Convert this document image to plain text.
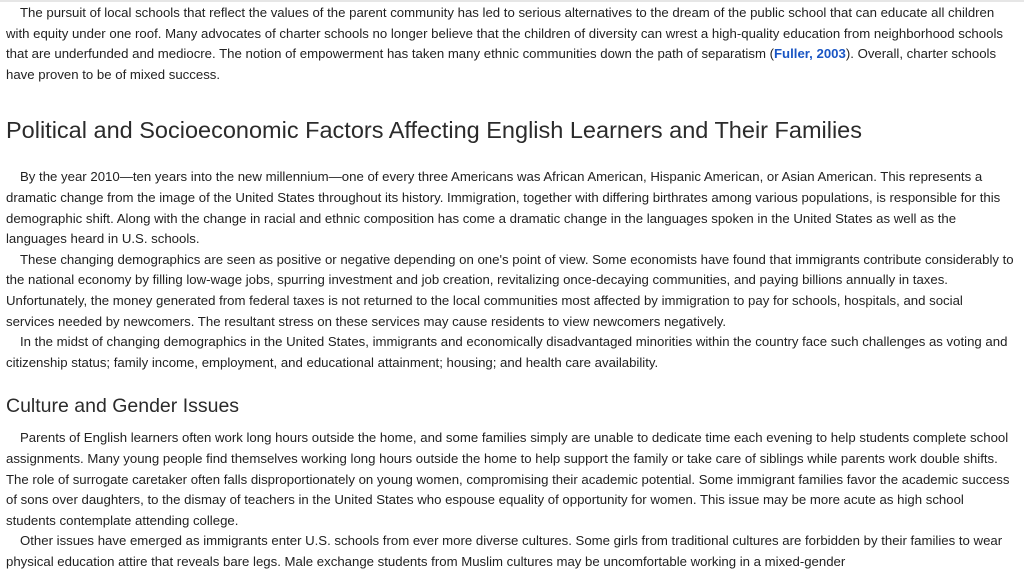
The pursuit of local schools that reflect the values of the parent community has led to serious alternatives to the dream of the public school that can educate all children with equity under one roof. Many advocates of charter schools no longer believe that the children of diversity can wrest a high-quality education from neighborhood schools that are underfunded and mediocre. The notion of empowerment has taken many ethnic communities down the path of separatism (Fuller, 2003). Overall, charter schools have proven to be of mixed success.

Political and Socioeconomic Factors Affecting English Learners and Their Families

By the year 2010—ten years into the new millennium—one of every three Americans was African American, Hispanic American, or Asian American. This represents a dramatic change from the image of the United States throughout its history. Immigration, together with differing birthrates among various populations, is responsible for this demographic shift. Along with the change in racial and ethnic composition has come a dramatic change in the languages spoken in the United States as well as the languages heard in U.S. schools.

These changing demographics are seen as positive or negative depending on one's point of view. Some economists have found that immigrants contribute considerably to the national economy by filling low-wage jobs, spurring investment and job creation, revitalizing once-decaying communities, and paying billions annually in taxes. Unfortunately, the money generated from federal taxes is not returned to the local communities most affected by immigration to pay for schools, hospitals, and social services needed by newcomers. The resultant stress on these services may cause residents to view newcomers negatively.

In the midst of changing demographics in the United States, immigrants and economically disadvantaged minorities within the country face such challenges as voting and citizenship status; family income, employment, and educational attainment; housing; and health care availability.

Culture and Gender Issues

Parents of English learners often work long hours outside the home, and some families simply are unable to dedicate time each evening to help students complete school assignments. Many young people find themselves working long hours outside the home to help support the family or take care of siblings while parents work double shifts. The role of surrogate caretaker often falls disproportionately on young women, compromising their academic potential. Some immigrant families favor the academic success of sons over daughters, to the dismay of teachers in the United States who espouse equality of opportunity for women. This issue may be more acute as high school students contemplate attending college.

Other issues have emerged as immigrants enter U.S. schools from ever more diverse cultures. Some girls from traditional cultures are forbidden by their families to wear physical education attire that reveals bare legs. Male exchange students from Muslim cultures may be uncomfortable working in a mixed-gender
